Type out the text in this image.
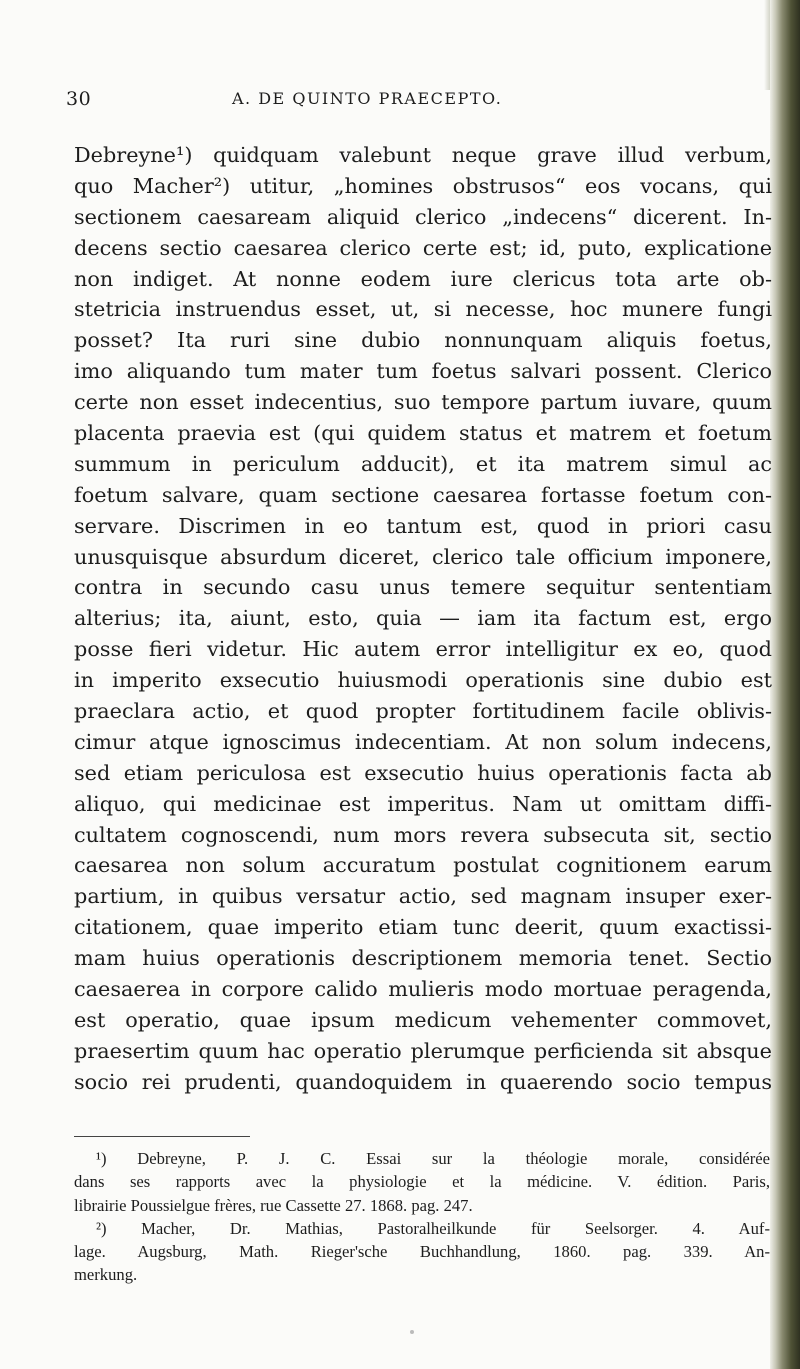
30	A. DE QUINTO PRAECEPTO.
Debreyne¹) quidquam valebunt neque grave illud verbum,
quo Macher²) utitur, „homines obstrusos“ eos vocans, qui
sectionem caesaream aliquid clerico „indecens“ dicerent. In-
decens sectio caesarea clerico certe est; id, puto, explicatione
non indiget. At nonne eodem iure clericus tota arte ob-
stetricia instruendus esset, ut, si necesse, hoc munere fungi
posset? Ita ruri sine dubio nonnunquam aliquis foetus,
imo aliquando tum mater tum foetus salvari possent. Clerico
certe non esset indecentius, suo tempore partum iuvare, quum
placenta praevia est (qui quidem status et matrem et foetum
summum in periculum adducit), et ita matrem simul ac
foetum salvare, quam sectione caesarea fortasse foetum con-
servare. Discrimen in eo tantum est, quod in priori casu
unusquisque absurdum diceret, clerico tale officium imponere,
contra in secundo casu unus temere sequitur sententiam
alterius; ita, aiunt, esto, quia — iam ita factum est, ergo
posse fieri videtur. Hic autem error intelligitur ex eo, quod
in imperito exsecutio huiusmodi operationis sine dubio est
praeclara actio, et quod propter fortitudinem facile oblivis-
cimur atque ignoscimus indecentiam. At non solum indecens,
sed etiam periculosa est exsecutio huius operationis facta ab
aliquo, qui medicinae est imperitus. Nam ut omittam diffi-
cultatem cognoscendi, num mors revera subsecuta sit, sectio
caesarea non solum accuratum postulat cognitionem earum
partium, in quibus versatur actio, sed magnam insuper exer-
citationem, quae imperito etiam tunc deerit, quum exactissi-
mam huius operationis descriptionem memoria tenet. Sectio
caesaerea in corpore calido mulieris modo mortuae peragenda,
est operatio, quae ipsum medicum vehementer commovet,
praesertim quum hac operatio plerumque perficienda sit absque
socio rei prudenti, quandoquidem in quaerendo socio tempus
¹) Debreyne, P. J. C. Essai sur la théologie morale, considérée
dans ses rapports avec la physiologie et la médicine. V. édition. Paris,
librairie Poussielgue frères, rue Cassette 27. 1868. pag. 247.
²) Macher, Dr. Mathias, Pastoralheilkunde für Seelsorger. 4. Auf-
lage. Augsburg, Math. Rieger'sche Buchhandlung, 1860. pag. 339. An-
merkung.
